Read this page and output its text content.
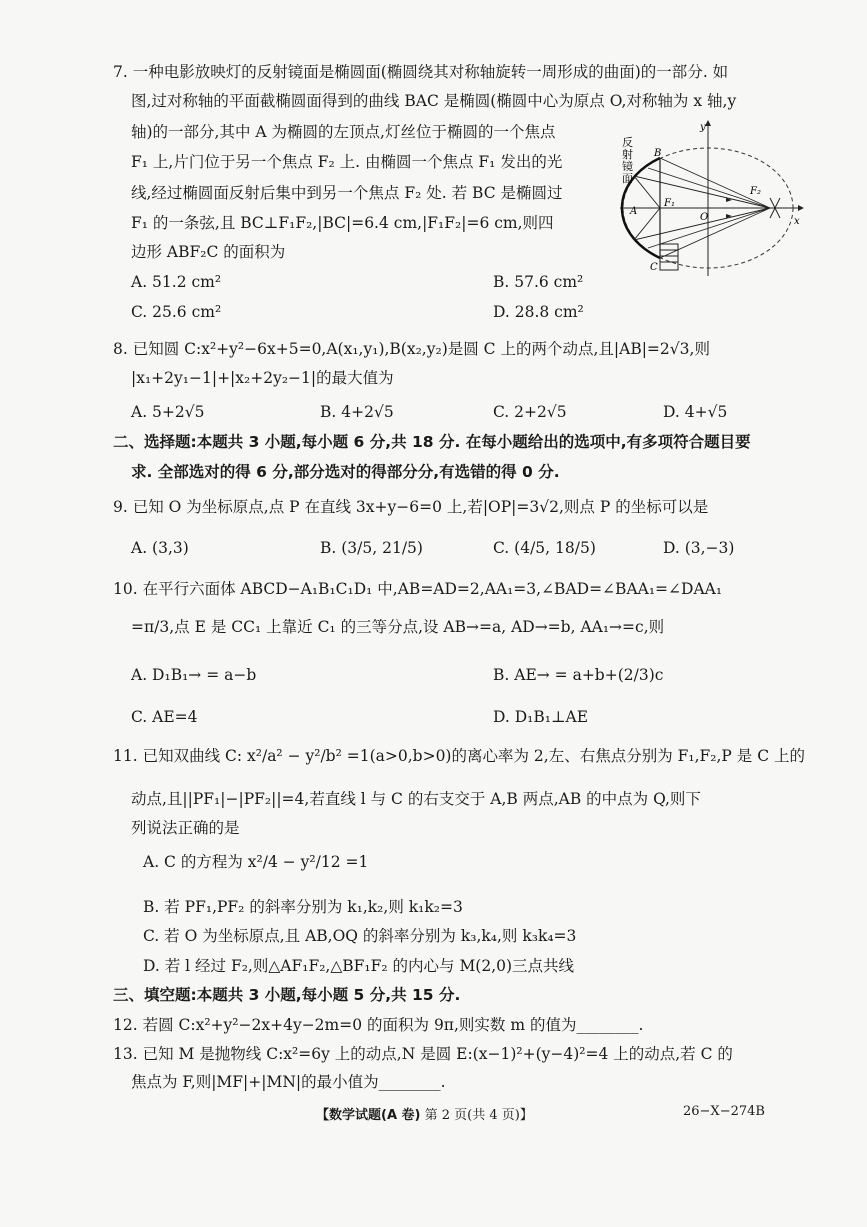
7. 一种电影放映灯的反射镜面是椭圆面(椭圆绕其对称轴旋转一周形成的曲面)的一部分. 如
图,过对称轴的平面截椭圆面得到的曲线 BAC 是椭圆(椭圆中心为原点 O,对称轴为 x 轴,y
轴)的一部分,其中 A 为椭圆的左顶点,灯丝位于椭圆的一个焦点
F₁ 上,片门位于另一个焦点 F₂ 上. 由椭圆一个焦点 F₁ 发出的光
线,经过椭圆面反射后集中到另一个焦点 F₂ 处. 若 BC 是椭圆过
F₁ 的一条弦,且 BC⊥F₁F₂,|BC|=6.4 cm,|F₁F₂|=6 cm,则四
边形 ABF₂C 的面积为
A. 51.2 cm²	B. 57.6 cm²
C. 25.6 cm²	D. 28.8 cm²
反
射
镜
面
B
A
C
F₁
O
F₂
x
y
8. 已知圆 C:x²+y²−6x+5=0,A(x₁,y₁),B(x₂,y₂)是圆 C 上的两个动点,且|AB|=2√3,则
|x₁+2y₁−1|+|x₂+2y₂−1|的最大值为
A. 5+2√5	B. 4+2√5	C. 2+2√5	D. 4+√5
二、选择题:本题共 3 小题,每小题 6 分,共 18 分. 在每小题给出的选项中,有多项符合题目要
求. 全部选对的得 6 分,部分选对的得部分分,有选错的得 0 分.
9. 已知 O 为坐标原点,点 P 在直线 3x+y−6=0 上,若|OP|=3√2,则点 P 的坐标可以是
A. (3,3)	B. (3/5, 21/5)	C. (4/5, 18/5)	D. (3,−3)
10. 在平行六面体 ABCD−A₁B₁C₁D₁ 中,AB=AD=2,AA₁=3,∠BAD=∠BAA₁=∠DAA₁
=π/3,点 E 是 CC₁ 上靠近 C₁ 的三等分点,设 AB→=a, AD→=b, AA₁→=c,则
A. D₁B₁→ = a−b	B. AE→ = a+b+(2/3)c
C. AE=4	D. D₁B₁⊥AE
11. 已知双曲线 C: x²/a² − y²/b² =1(a>0,b>0)的离心率为 2,左、右焦点分别为 F₁,F₂,P 是 C 上的
动点,且||PF₁|−|PF₂||=4,若直线 l 与 C 的右支交于 A,B 两点,AB 的中点为 Q,则下
列说法正确的是
A. C 的方程为 x²/4 − y²/12 =1
B. 若 PF₁,PF₂ 的斜率分别为 k₁,k₂,则 k₁k₂=3
C. 若 O 为坐标原点,且 AB,OQ 的斜率分别为 k₃,k₄,则 k₃k₄=3
D. 若 l 经过 F₂,则△AF₁F₂,△BF₁F₂ 的内心与 M(2,0)三点共线
三、填空题:本题共 3 小题,每小题 5 分,共 15 分.
12. 若圆 C:x²+y²−2x+4y−2m=0 的面积为 9π,则实数 m 的值为________.
13. 已知 M 是抛物线 C:x²=6y 上的动点,N 是圆 E:(x−1)²+(y−4)²=4 上的动点,若 C 的
焦点为 F,则|MF|+|MN|的最小值为________.
【数学试题(A 卷) 第 2 页(共 4 页)】	26−X−274B
